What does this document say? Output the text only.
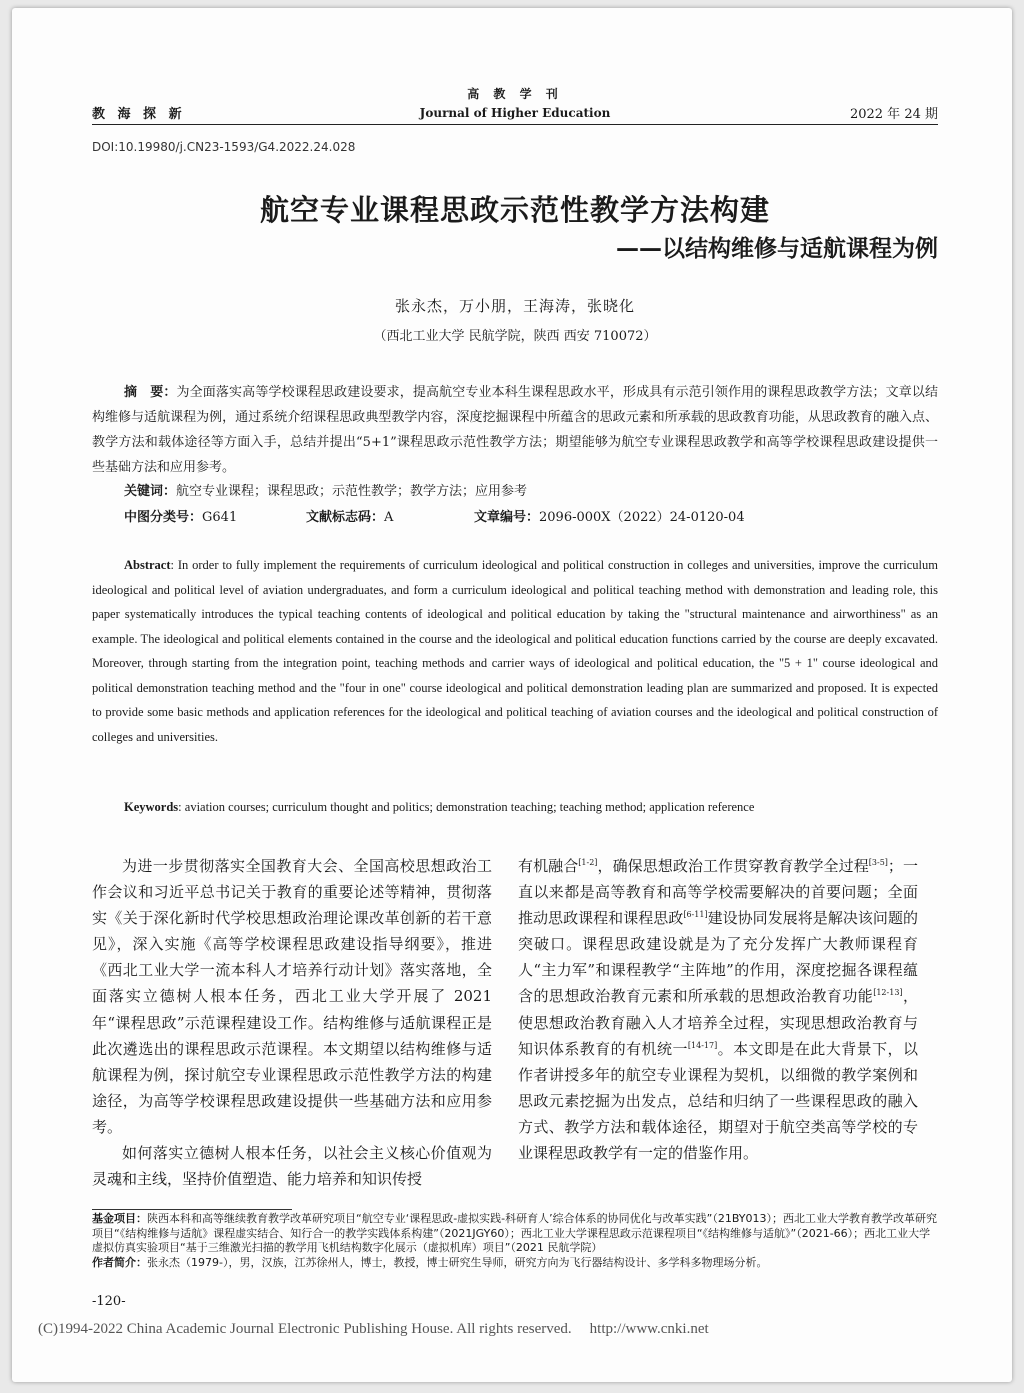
教 海 探 新
高 教 学 刊
Journal of Higher Education	2022 年 24 期
DOI:10.19980/j.CN23-1593/G4.2022.24.028
航空专业课程思政示范性教学方法构建
——以结构维修与适航课程为例
张永杰，万小朋，王海涛，张晓化
（西北工业大学 民航学院，陕西 西安 710072）
摘　要：为全面落实高等学校课程思政建设要求，提高航空专业本科生课程思政水平，形成具有示范引领作用的课程思政教学方法；文章以结构维修与适航课程为例，通过系统介绍课程思政典型教学内容，深度挖掘课程中所蕴含的思政元素和所承载的思政教育功能，从思政教育的融入点、教学方法和载体途径等方面入手，总结并提出“5+1”课程思政示范性教学方法；期望能够为航空专业课程思政教学和高等学校课程思政建设提供一些基础方法和应用参考。
关键词：航空专业课程；课程思政；示范性教学；教学方法；应用参考
中图分类号：G641	文献标志码：A	文章编号：2096-000X（2022）24-0120-04
Abstract: In order to fully implement the requirements of curriculum ideological and political construction in colleges and universities, improve the curriculum ideological and political level of aviation undergraduates, and form a curriculum ideological and political teaching method with demonstration and leading role, this paper systematically introduces the typical teaching contents of ideological and political education by taking the "structural maintenance and airworthiness" as an example. The ideological and political elements contained in the course and the ideological and political education functions carried by the course are deeply excavated. Moreover, through starting from the integration point, teaching methods and carrier ways of ideological and political education, the "5 + 1" course ideological and political demonstration teaching method and the "four in one" course ideological and political demonstration leading plan are summarized and proposed. It is expected to provide some basic methods and application references for the ideological and political teaching of aviation courses and the ideological and political construction of colleges and universities.
Keywords: aviation courses; curriculum thought and politics; demonstration teaching; teaching method; application reference

为进一步贯彻落实全国教育大会、全国高校思想政治工作会议和习近平总书记关于教育的重要论述等精神，贯彻落实《关于深化新时代学校思想政治理论课改革创新的若干意见》，深入实施《高等学校课程思政建设指导纲要》，推进《西北工业大学一流本科人才培养行动计划》落实落地，全面落实立德树人根本任务，西北工业大学开展了 2021 年“课程思政”示范课程建设工作。结构维修与适航课程正是此次遴选出的课程思政示范课程。本文期望以结构维修与适航课程为例，探讨航空专业课程思政示范性教学方法的构建途径，为高等学校课程思政建设提供一些基础方法和应用参考。

如何落实立德树人根本任务，以社会主义核心价值观为灵魂和主线，坚持价值塑造、能力培养和知识传授

有机融合[1-2]，确保思想政治工作贯穿教育教学全过程[3-5]；一直以来都是高等教育和高等学校需要解决的首要问题；全面推动思政课程和课程思政[6-11]建设协同发展将是解决该问题的突破口。课程思政建设就是为了充分发挥广大教师课程育人“主力军”和课程教学“主阵地”的作用，深度挖掘各课程蕴含的思想政治教育元素和所承载的思想政治教育功能[12-13]，使思想政治教育融入人才培养全过程，实现思想政治教育与知识体系教育的有机统一[14-17]。本文即是在此大背景下，以作者讲授多年的航空专业课程为契机，以细微的教学案例和思政元素挖掘为出发点，总结和归纳了一些课程思政的融入方式、教学方法和载体途径，期望对于航空类高等学校的专业课程思政教学有一定的借鉴作用。

基金项目：陕西本科和高等继续教育教学改革研究项目“航空专业‘课程思政-虚拟实践-科研育人’综合体系的协同优化与改革实践”（21BY013）；西北工业大学教育教学改革研究项目“《结构维修与适航》课程虚实结合、知行合一的教学实践体系构建”（2021JGY60）；西北工业大学课程思政示范课程项目“《结构维修与适航》”（2021-66）；西北工业大学虚拟仿真实验项目“基于三维激光扫描的教学用飞机结构数字化展示（虚拟机库）项目”（2021 民航学院）
作者简介：张永杰（1979-），男，汉族，江苏徐州人，博士，教授，博士研究生导师，研究方向为飞行器结构设计、多学科多物理场分析。
-120-
(C)1994-2022 China Academic Journal Electronic Publishing House. All rights reserved. http://www.cnki.net
